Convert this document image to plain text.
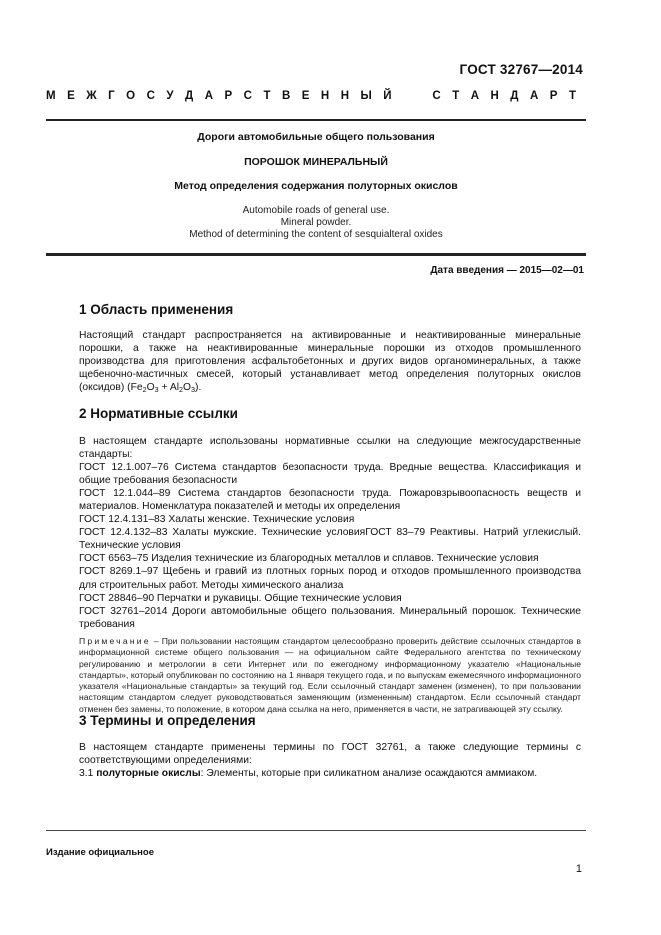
ГОСТ 32767—2014
М Е Ж Г О С У Д А Р С Т В Е Н Н Ы Й

	С Т А Н Д А Р Т
Дороги автомобильные общего пользования
ПОРОШОК МИНЕРАЛЬНЫЙ
Метод определения содержания полуторных окислов
Automobile roads of general use.
Mineral powder.
Method of determining the content of sesquialteral oxides
Дата введения — 2015—02—01
1 Область применения
Настоящий стандарт распространяется на активированные и неактивированные минеральные порошки, а также на неактивированные минеральные порошки из отходов промышленного производства для приготовления асфальтобетонных и других видов органоминеральных, а также щебеночно-мастичных смесей, который устанавливает метод определения полуторных окислов (оксидов) $(Fe_2O_3 + Al_2O_3)$.
2 Нормативные ссылки

В настоящем стандарте использованы нормативные ссылки на следующие межгосударственные стандарты:

ГОСТ 12.1.007–76 Система стандартов безопасности труда. Вредные вещества. Классификация и общие требования безопасности

ГОСТ 12.1.044–89 Система стандартов безопасности труда. Пожаровзрывоопасность веществ и материалов. Номенклатура показателей и методы их определения

ГОСТ 12.4.131–83 Халаты женские. Технические условия

ГОСТ 12.4.132–83 Халаты мужские. Технические условияГОСТ 83–79 Реактивы. Натрий углекислый. Технические условия

ГОСТ 6563–75 Изделия технические из благородных металлов и сплавов. Технические условия

ГОСТ 8269.1–97 Щебень и гравий из плотных горных пород и отходов промышленного производства для строительных работ. Методы химического анализа

ГОСТ 28846–90 Перчатки и рукавицы. Общие технические условия

ГОСТ 32761–2014 Дороги автомобильные общего пользования. Минеральный порошок. Технические требования

Примечание – При пользовании настоящим стандартом целесообразно проверить действие ссылочных стандартов в информационной системе общего пользования — на официальном сайте Федерального агентства по техническому регулированию и метрологии в сети Интернет или по ежегодному информационному указателю «Национальные стандарты», который опубликован по состоянию на 1 января текущего года, и по выпускам ежемесячного информационного указателя «Национальные стандарты» за текущий год. Если ссылочный стандарт заменен (изменен), то при пользовании настоящим стандартом следует руководствоваться заменяющим (измененным) стандартом. Если ссылочный стандарт отменен без замены, то положение, в котором дана ссылка на него, применяется в части, не затрагивающей эту ссылку.
3 Термины и определения

В настоящем стандарте применены термины по ГОСТ 32761, а также следующие термины с соответствующими определениями:

3.1 полуторные окислы: Элементы, которые при силикатном анализе осаждаются аммиаком.

Издание официальное
1
